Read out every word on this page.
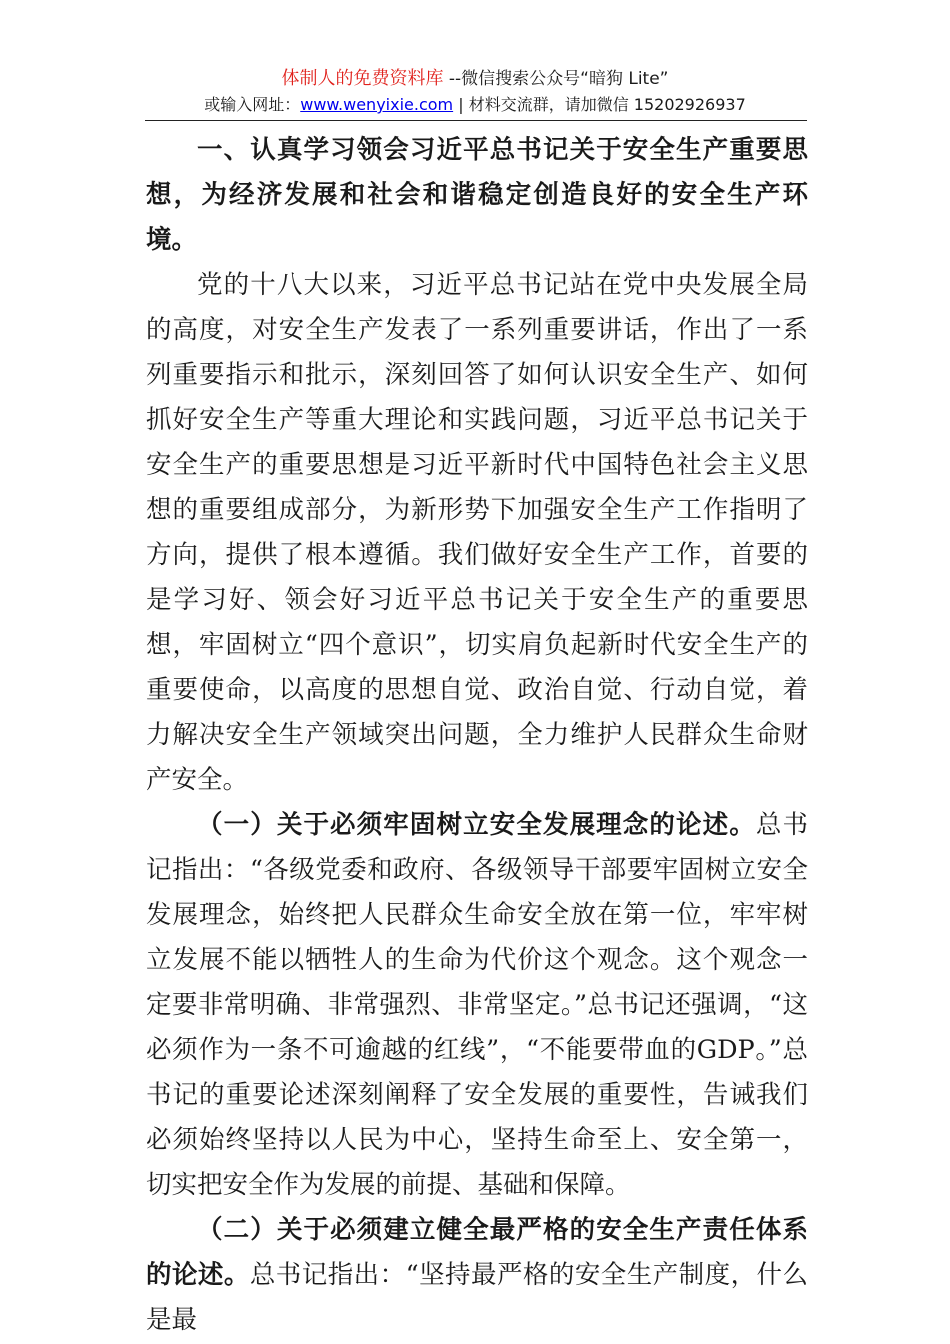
体制人的免费资料库 --微信搜索公众号“暗狗 Lite”
或输入网址：www.wenyixie.com | 材料交流群，请加微信 15202926937

一、认真学习领会习近平总书记关于安全生产重要思想，为经济发展和社会和谐稳定创造良好的安全生产环境。

党的十八大以来，习近平总书记站在党中央发展全局的高度，对安全生产发表了一系列重要讲话，作出了一系列重要指示和批示，深刻回答了如何认识安全生产、如何抓好安全生产等重大理论和实践问题，习近平总书记关于安全生产的重要思想是习近平新时代中国特色社会主义思想的重要组成部分，为新形势下加强安全生产工作指明了方向，提供了根本遵循。我们做好安全生产工作，首要的是学习好、领会好习近平总书记关于安全生产的重要思想，牢固树立“四个意识”，切实肩负起新时代安全生产的重要使命，以高度的思想自觉、政治自觉、行动自觉，着力解决安全生产领域突出问题，全力维护人民群众生命财产安全。

（一）关于必须牢固树立安全发展理念的论述。总书记指出：“各级党委和政府、各级领导干部要牢固树立安全发展理念，始终把人民群众生命安全放在第一位，牢牢树立发展不能以牺牲人的生命为代价这个观念。这个观念一定要非常明确、非常强烈、非常坚定。”总书记还强调，“这必须作为一条不可逾越的红线”，“不能要带血的GDP。”总书记的重要论述深刻阐释了安全发展的重要性，告诫我们必须始终坚持以人民为中心，坚持生命至上、安全第一，切实把安全作为发展的前提、基础和保障。

（二）关于必须建立健全最严格的安全生产责任体系的论述。总书记指出：“坚持最严格的安全生产制度，什么是最
